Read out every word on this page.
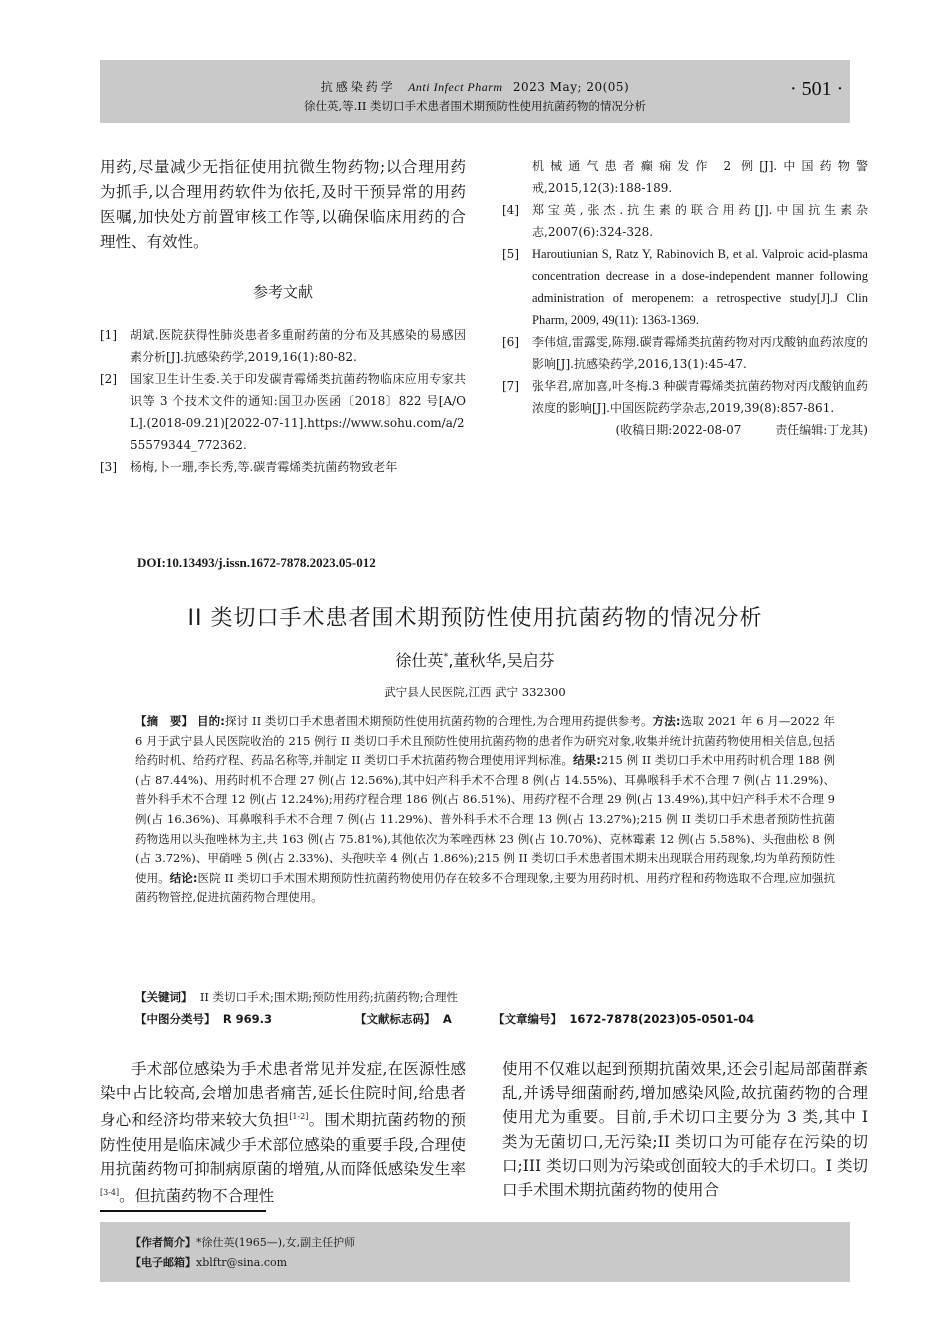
抗感染药学 Anti Infect Pharm 2023 May; 20(05)
徐仕英,等.II 类切口手术患者围术期预防性使用抗菌药物的情况分析
· 501 ·
用药,尽量减少无指征使用抗微生物药物;以合理用药为抓手,以合理用药软件为依托,及时干预异常的用药医嘱,加快处方前置审核工作等,以确保临床用药的合理性、有效性。
参考文献
[1]	胡斌.医院获得性肺炎患者多重耐药菌的分布及其感染的易感因素分析[J].抗感染药学,2019,16(1):80-82.
[2]	国家卫生计生委.关于印发碳青霉烯类抗菌药物临床应用专家共识等 3 个技术文件的通知:国卫办医函〔2018〕822 号[A/OL].(2018-09.21)[2022-07-11].https://www.sohu.com/a/255579344_772362.
[3]	杨梅,卜一珊,李长秀,等.碳青霉烯类抗菌药物致老年
机械通气患者癫痫发作 2 例[J].中国药物警戒,2015,12(3):188-189.
[4]	郑宝英,张杰.抗生素的联合用药[J].中国抗生素杂志,2007(6):324-328.
[5]	Haroutiunian S, Ratz Y, Rabinovich B, et al. Valproic acid-plasma concentration decrease in a dose-independent manner following administration of meropenem: a retrospective study[J].J Clin Pharm, 2009, 49(11): 1363-1369.
[6]	李伟煊,雷露雯,陈翔.碳青霉烯类抗菌药物对丙戊酸钠血药浓度的影响[J].抗感染药学,2016,13(1):45-47.
[7]	张华君,席加喜,叶冬梅.3 种碳青霉烯类抗菌药物对丙戊酸钠血药浓度的影响[J].中国医院药学杂志,2019,39(8):857-861.
(收稿日期:2022-08-07	责任编辑:丁龙其)
DOI:10.13493/j.issn.1672-7878.2023.05-012
II 类切口手术患者围术期预防性使用抗菌药物的情况分析
徐仕英*,董秋华,吴启芬
武宁县人民医院,江西 武宁 332300
【摘　要】 目的:探讨 II 类切口手术患者围术期预防性使用抗菌药物的合理性,为合理用药提供参考。方法:选取 2021 年 6 月—2022 年 6 月于武宁县人民医院收治的 215 例行 II 类切口手术且预防性使用抗菌药物的患者作为研究对象,收集并统计抗菌药物使用相关信息,包括给药时机、给药疗程、药品名称等,并制定 II 类切口手术抗菌药物合理使用评判标准。结果:215 例 II 类切口手术中用药时机合理 188 例(占 87.44%)、用药时机不合理 27 例(占 12.56%),其中妇产科手术不合理 8 例(占 14.55%)、耳鼻喉科手术不合理 7 例(占 11.29%)、普外科手术不合理 12 例(占 12.24%);用药疗程合理 186 例(占 86.51%)、用药疗程不合理 29 例(占 13.49%),其中妇产科手术不合理 9 例(占 16.36%)、耳鼻喉科手术不合理 7 例(占 11.29%)、普外科手术不合理 13 例(占 13.27%);215 例 II 类切口手术患者预防性抗菌药物选用以头孢唑林为主,共 163 例(占 75.81%),其他依次为苯唑西林 23 例(占 10.70%)、克林霉素 12 例(占 5.58%)、头孢曲松 8 例(占 3.72%)、甲硝唑 5 例(占 2.33%)、头孢呋辛 4 例(占 1.86%);215 例 II 类切口手术患者围术期未出现联合用药现象,均为单药预防性使用。结论:医院 II 类切口手术围术期预防性抗菌药物使用仍存在较多不合理现象,主要为用药时机、用药疗程和药物选取不合理,应加强抗菌药物管控,促进抗菌药物合理使用。
【关键词】 II 类切口手术;围术期;预防性用药;抗菌药物;合理性
【中图分类号】 R 969.3	【文献标志码】 A	【文章编号】 1672-7878(2023)05-0501-04
手术部位感染为手术患者常见并发症,在医源性感染中占比较高,会增加患者痛苦,延长住院时间,给患者身心和经济均带来较大负担[1-2]。围术期抗菌药物的预防性使用是临床减少手术部位感染的重要手段,合理使用抗菌药物可抑制病原菌的增殖,从而降低感染发生率[3-4]。但抗菌药物不合理性
使用不仅难以起到预期抗菌效果,还会引起局部菌群紊乱,并诱导细菌耐药,增加感染风险,故抗菌药物的合理使用尤为重要。目前,手术切口主要分为 3 类,其中 I 类为无菌切口,无污染;II 类切口为可能存在污染的切口;III 类切口则为污染或创面较大的手术切口。I 类切口手术围术期抗菌药物的使用合
【作者简介】*徐仕英(1965—),女,副主任护师
【电子邮箱】xblftr@sina.com
